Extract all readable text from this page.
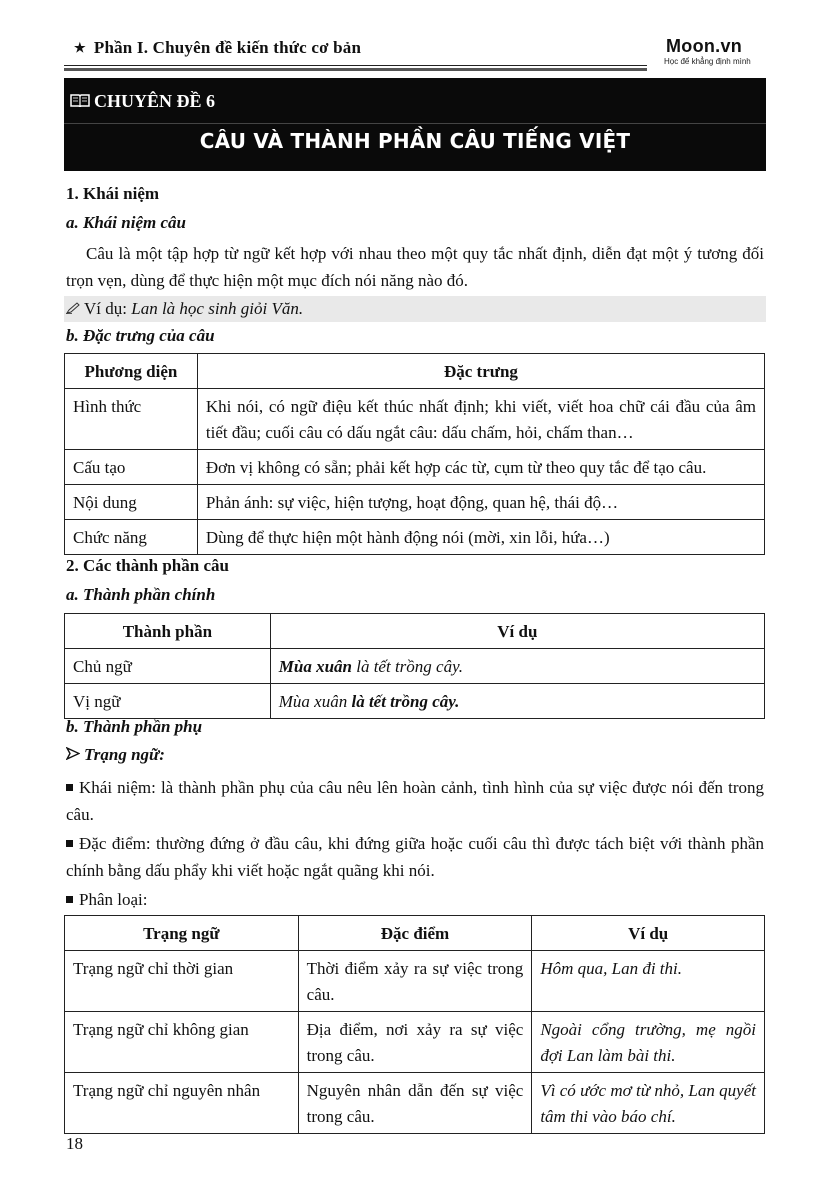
★ Phần I. Chuyên đề kiến thức cơ bản	Moon.vn
Học để khẳng định mình
CHUYÊN ĐỀ 6
CÂU VÀ THÀNH PHẦN CÂU TIẾNG VIỆT
1. Khái niệm
a. Khái niệm câu
Câu là một tập hợp từ ngữ kết hợp với nhau theo một quy tắc nhất định, diễn đạt một ý tương đối trọn vẹn, dùng để thực hiện một mục đích nói năng nào đó.
Ví dụ: Lan là học sinh giỏi Văn.
b. Đặc trưng của câu
Phương diện	Đặc trưng
Hình thức	Khi nói, có ngữ điệu kết thúc nhất định; khi viết, viết hoa chữ cái đầu của âm tiết đầu; cuối câu có dấu ngắt câu: dấu chấm, hỏi, chấm than…
Cấu tạo	Đơn vị không có sẵn; phải kết hợp các từ, cụm từ theo quy tắc để tạo câu.
Nội dung	Phản ánh: sự việc, hiện tượng, hoạt động, quan hệ, thái độ…
Chức năng	Dùng để thực hiện một hành động nói (mời, xin lỗi, hứa…)
2. Các thành phần câu
a. Thành phần chính
Thành phần	Ví dụ
Chủ ngữ	Mùa xuân là tết trồng cây.
Vị ngữ	Mùa xuân là tết trồng cây.
b. Thành phần phụ
Trạng ngữ:
Khái niệm: là thành phần phụ của câu nêu lên hoàn cảnh, tình hình của sự việc được nói đến trong câu.
Đặc điểm: thường đứng ở đầu câu, khi đứng giữa hoặc cuối câu thì được tách biệt với thành phần chính bằng dấu phẩy khi viết hoặc ngắt quãng khi nói.
Phân loại:
Trạng ngữ	Đặc điểm	Ví dụ
Trạng ngữ chỉ thời gian	Thời điểm xảy ra sự việc trong câu.	Hôm qua, Lan đi thi.
Trạng ngữ chỉ không gian	Địa điểm, nơi xảy ra sự việc trong câu.	Ngoài cổng trường, mẹ ngồi đợi Lan làm bài thi.
Trạng ngữ chỉ nguyên nhân	Nguyên nhân dẫn đến sự việc trong câu.	Vì có ước mơ từ nhỏ, Lan quyết tâm thi vào báo chí.
18
